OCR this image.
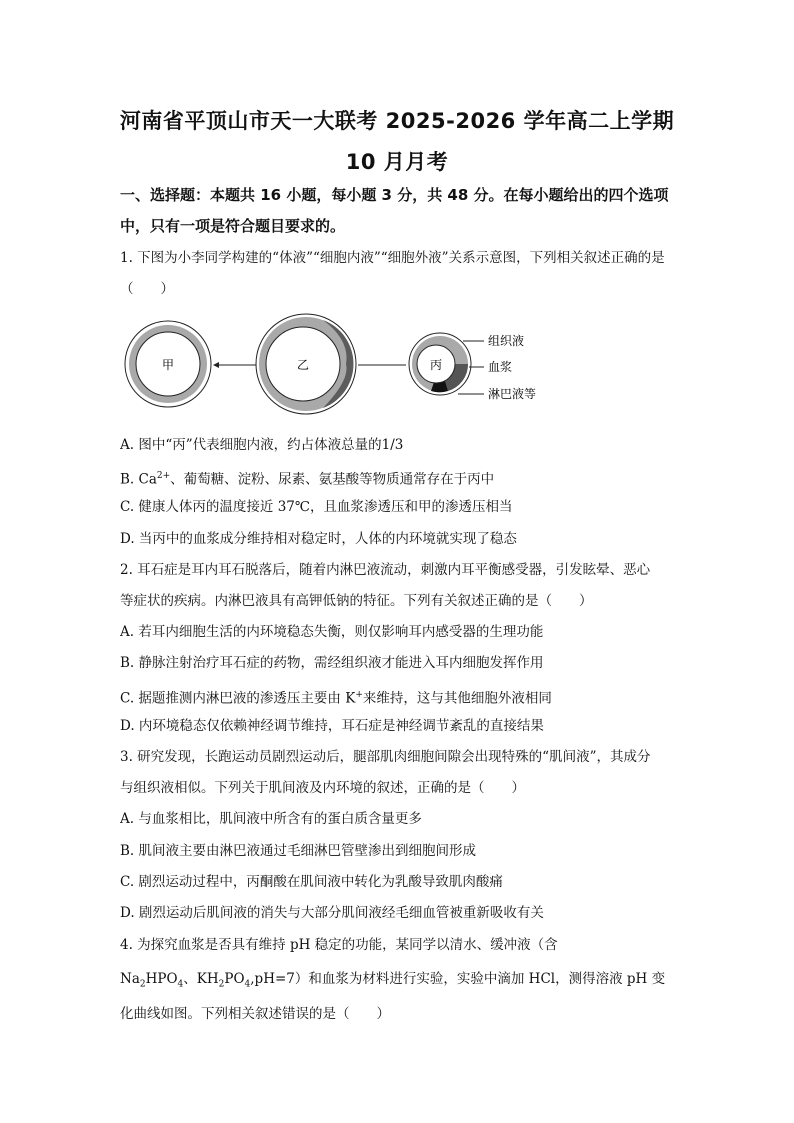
河南省平顶山市天一大联考 2025-2026 学年高二上学期
10 月月考
一、选择题：本题共 16 小题，每小题 3 分，共 48 分。在每小题给出的四个选项中，只有一项是符合题目要求的。
1. 下图为小李同学构建的“体液”“细胞内液”“细胞外液”关系示意图，下列相关叙述正确的是
（　　）
甲	乙	丙
组织液
血浆
淋巴液等
A. 图中“丙”代表细胞内液，约占体液总量的1/3
B. $Ca^{2+}$、葡萄糖、淀粉、尿素、氨基酸等物质通常存在于丙中
C. 健康人体丙的温度接近 37℃，且血浆渗透压和甲的渗透压相当
D. 当丙中的血浆成分维持相对稳定时，人体的内环境就实现了稳态
2. 耳石症是耳内耳石脱落后，随着内淋巴液流动，刺激内耳平衡感受器，引发眩晕、恶心
等症状的疾病。内淋巴液具有高钾低钠的特征。下列有关叙述正确的是（　　）
A. 若耳内细胞生活的内环境稳态失衡，则仅影响耳内感受器的生理功能
B. 静脉注射治疗耳石症的药物，需经组织液才能进入耳内细胞发挥作用
C. 据题推测内淋巴液的渗透压主要由 K+来维持，这与其他细胞外液相同
D. 内环境稳态仅依赖神经调节维持，耳石症是神经调节紊乱的直接结果
3. 研究发现，长跑运动员剧烈运动后，腿部肌肉细胞间隙会出现特殊的“肌间液”，其成分
与组织液相似。下列关于肌间液及内环境的叙述，正确的是（　　）
A. 与血浆相比，肌间液中所含有的蛋白质含量更多
B. 肌间液主要由淋巴液通过毛细淋巴管壁渗出到细胞间形成
C. 剧烈运动过程中，丙酮酸在肌间液中转化为乳酸导致肌肉酸痛
D. 剧烈运动后肌间液的消失与大部分肌间液经毛细血管被重新吸收有关
4. 为探究血浆是否具有维持 pH 稳定的功能，某同学以清水、缓冲液（含
$Na_2HPO_4$、$KH_2PO_4,pH=7$）和血浆为材料进行实验，实验中滴加 HCl，测得溶液 pH 变
化曲线如图。下列相关叙述错误的是（　　）
